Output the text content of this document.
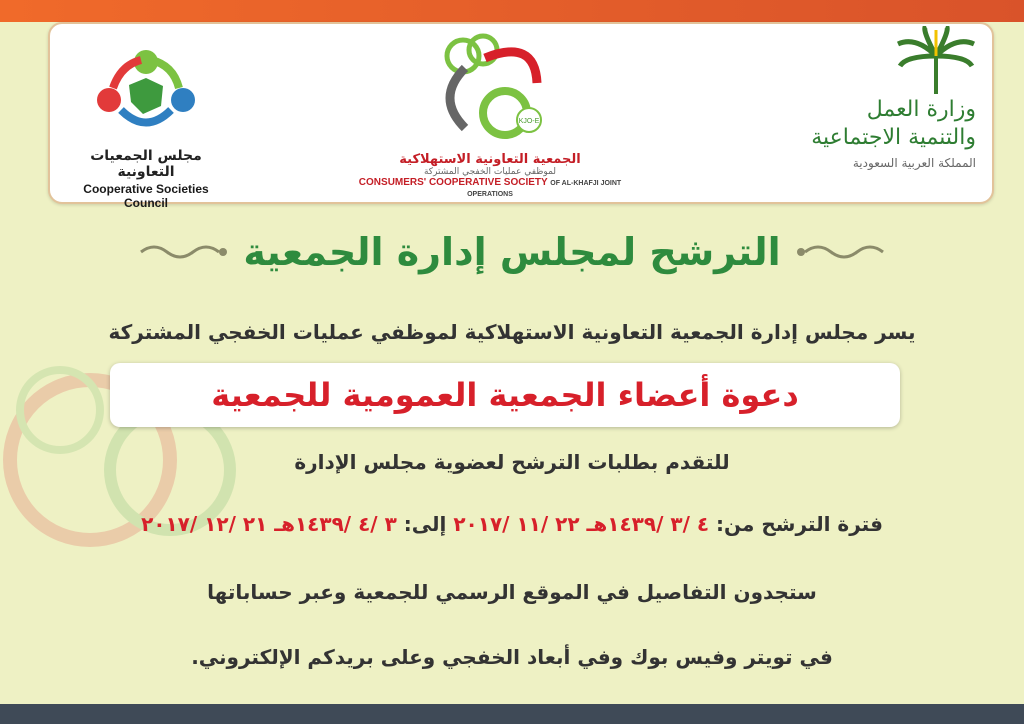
مجلس الجمعيات التعاونية
Cooperative Societies Council
KJO-E
الجمعية التعاونية الاستهلاكية
لموظفي عمليات الخفجي المشتركة
CONSUMERS' COOPERATIVE SOCIETY OF AL-KHAFJI JOINT OPERATIONS
وزارة العمل
والتنمية الاجتماعية
المملكة العربية السعودية
الترشح لمجلس إدارة الجمعية
يسر مجلس إدارة الجمعية التعاونية الاستهلاكية لموظفي عمليات الخفجي المشتركة
دعوة أعضاء الجمعية العمومية للجمعية
للتقدم بطلبات الترشح لعضوية مجلس الإدارة
فترة الترشح من: ٤ /٣ /١٤٣٩هـ ٢٢ /١١ /٢٠١٧ إلى: ٣ /٤ /١٤٣٩هـ ٢١ /١٢ /٢٠١٧
ستجدون التفاصيل في الموقع الرسمي للجمعية وعبر حساباتها
في تويتر وفيس بوك وفي أبعاد الخفجي وعلى بريدكم الإلكتروني.
